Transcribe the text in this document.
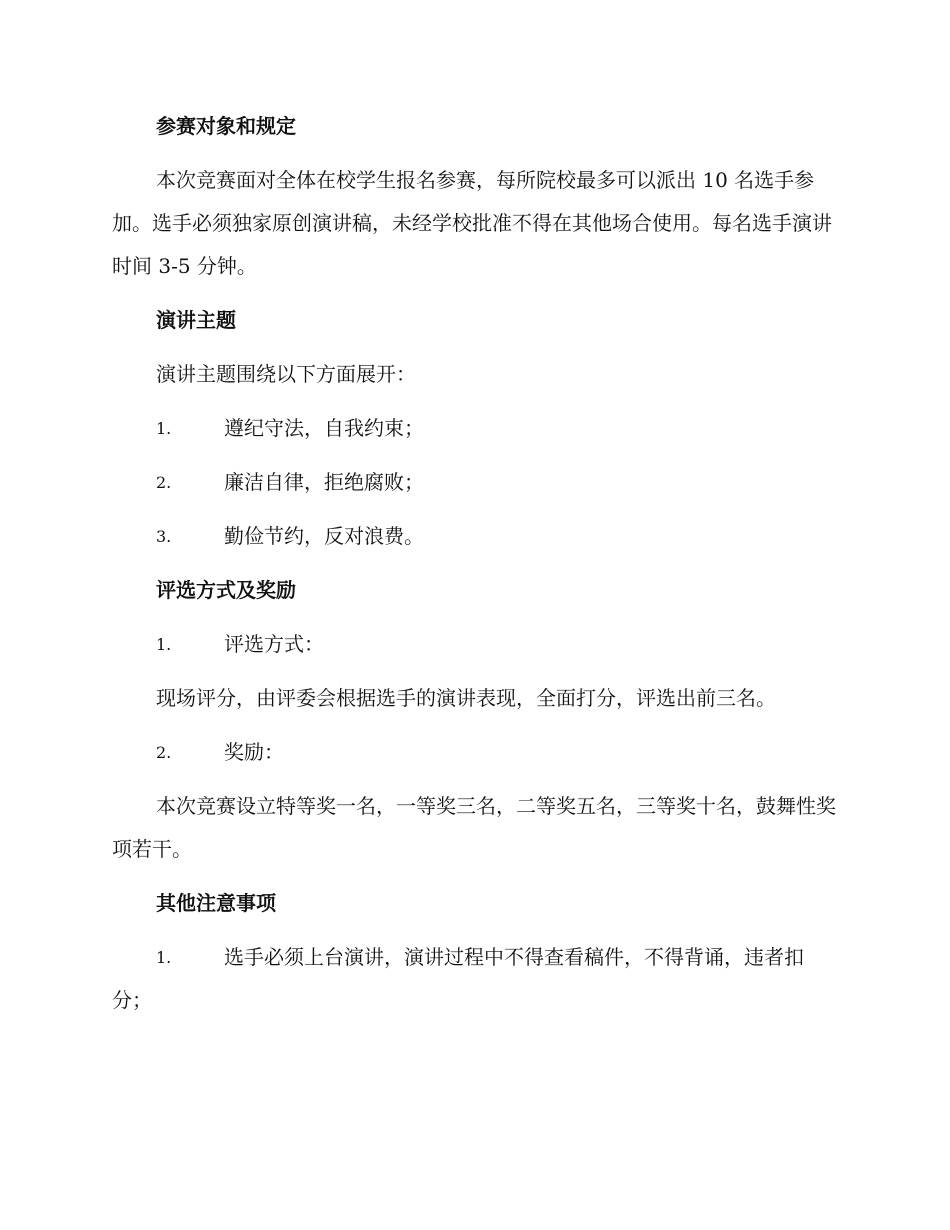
参赛对象和规定
本次竞赛面对全体在校学生报名参赛，每所院校最多可以派出 10 名选手参加。选手必须独家原创演讲稿，未经学校批准不得在其他场合使用。每名选手演讲时间 3-5 分钟。
演讲主题
演讲主题围绕以下方面展开：
1.	遵纪守法，自我约束；
2.	廉洁自律，拒绝腐败；
3.	勤俭节约，反对浪费。
评选方式及奖励
1.	评选方式：
现场评分，由评委会根据选手的演讲表现，全面打分，评选出前三名。
2.	奖励：
本次竞赛设立特等奖一名，一等奖三名，二等奖五名，三等奖十名，鼓舞性奖项若干。
其他注意事项
1.	选手必须上台演讲，演讲过程中不得查看稿件，不得背诵，违者扣分；
